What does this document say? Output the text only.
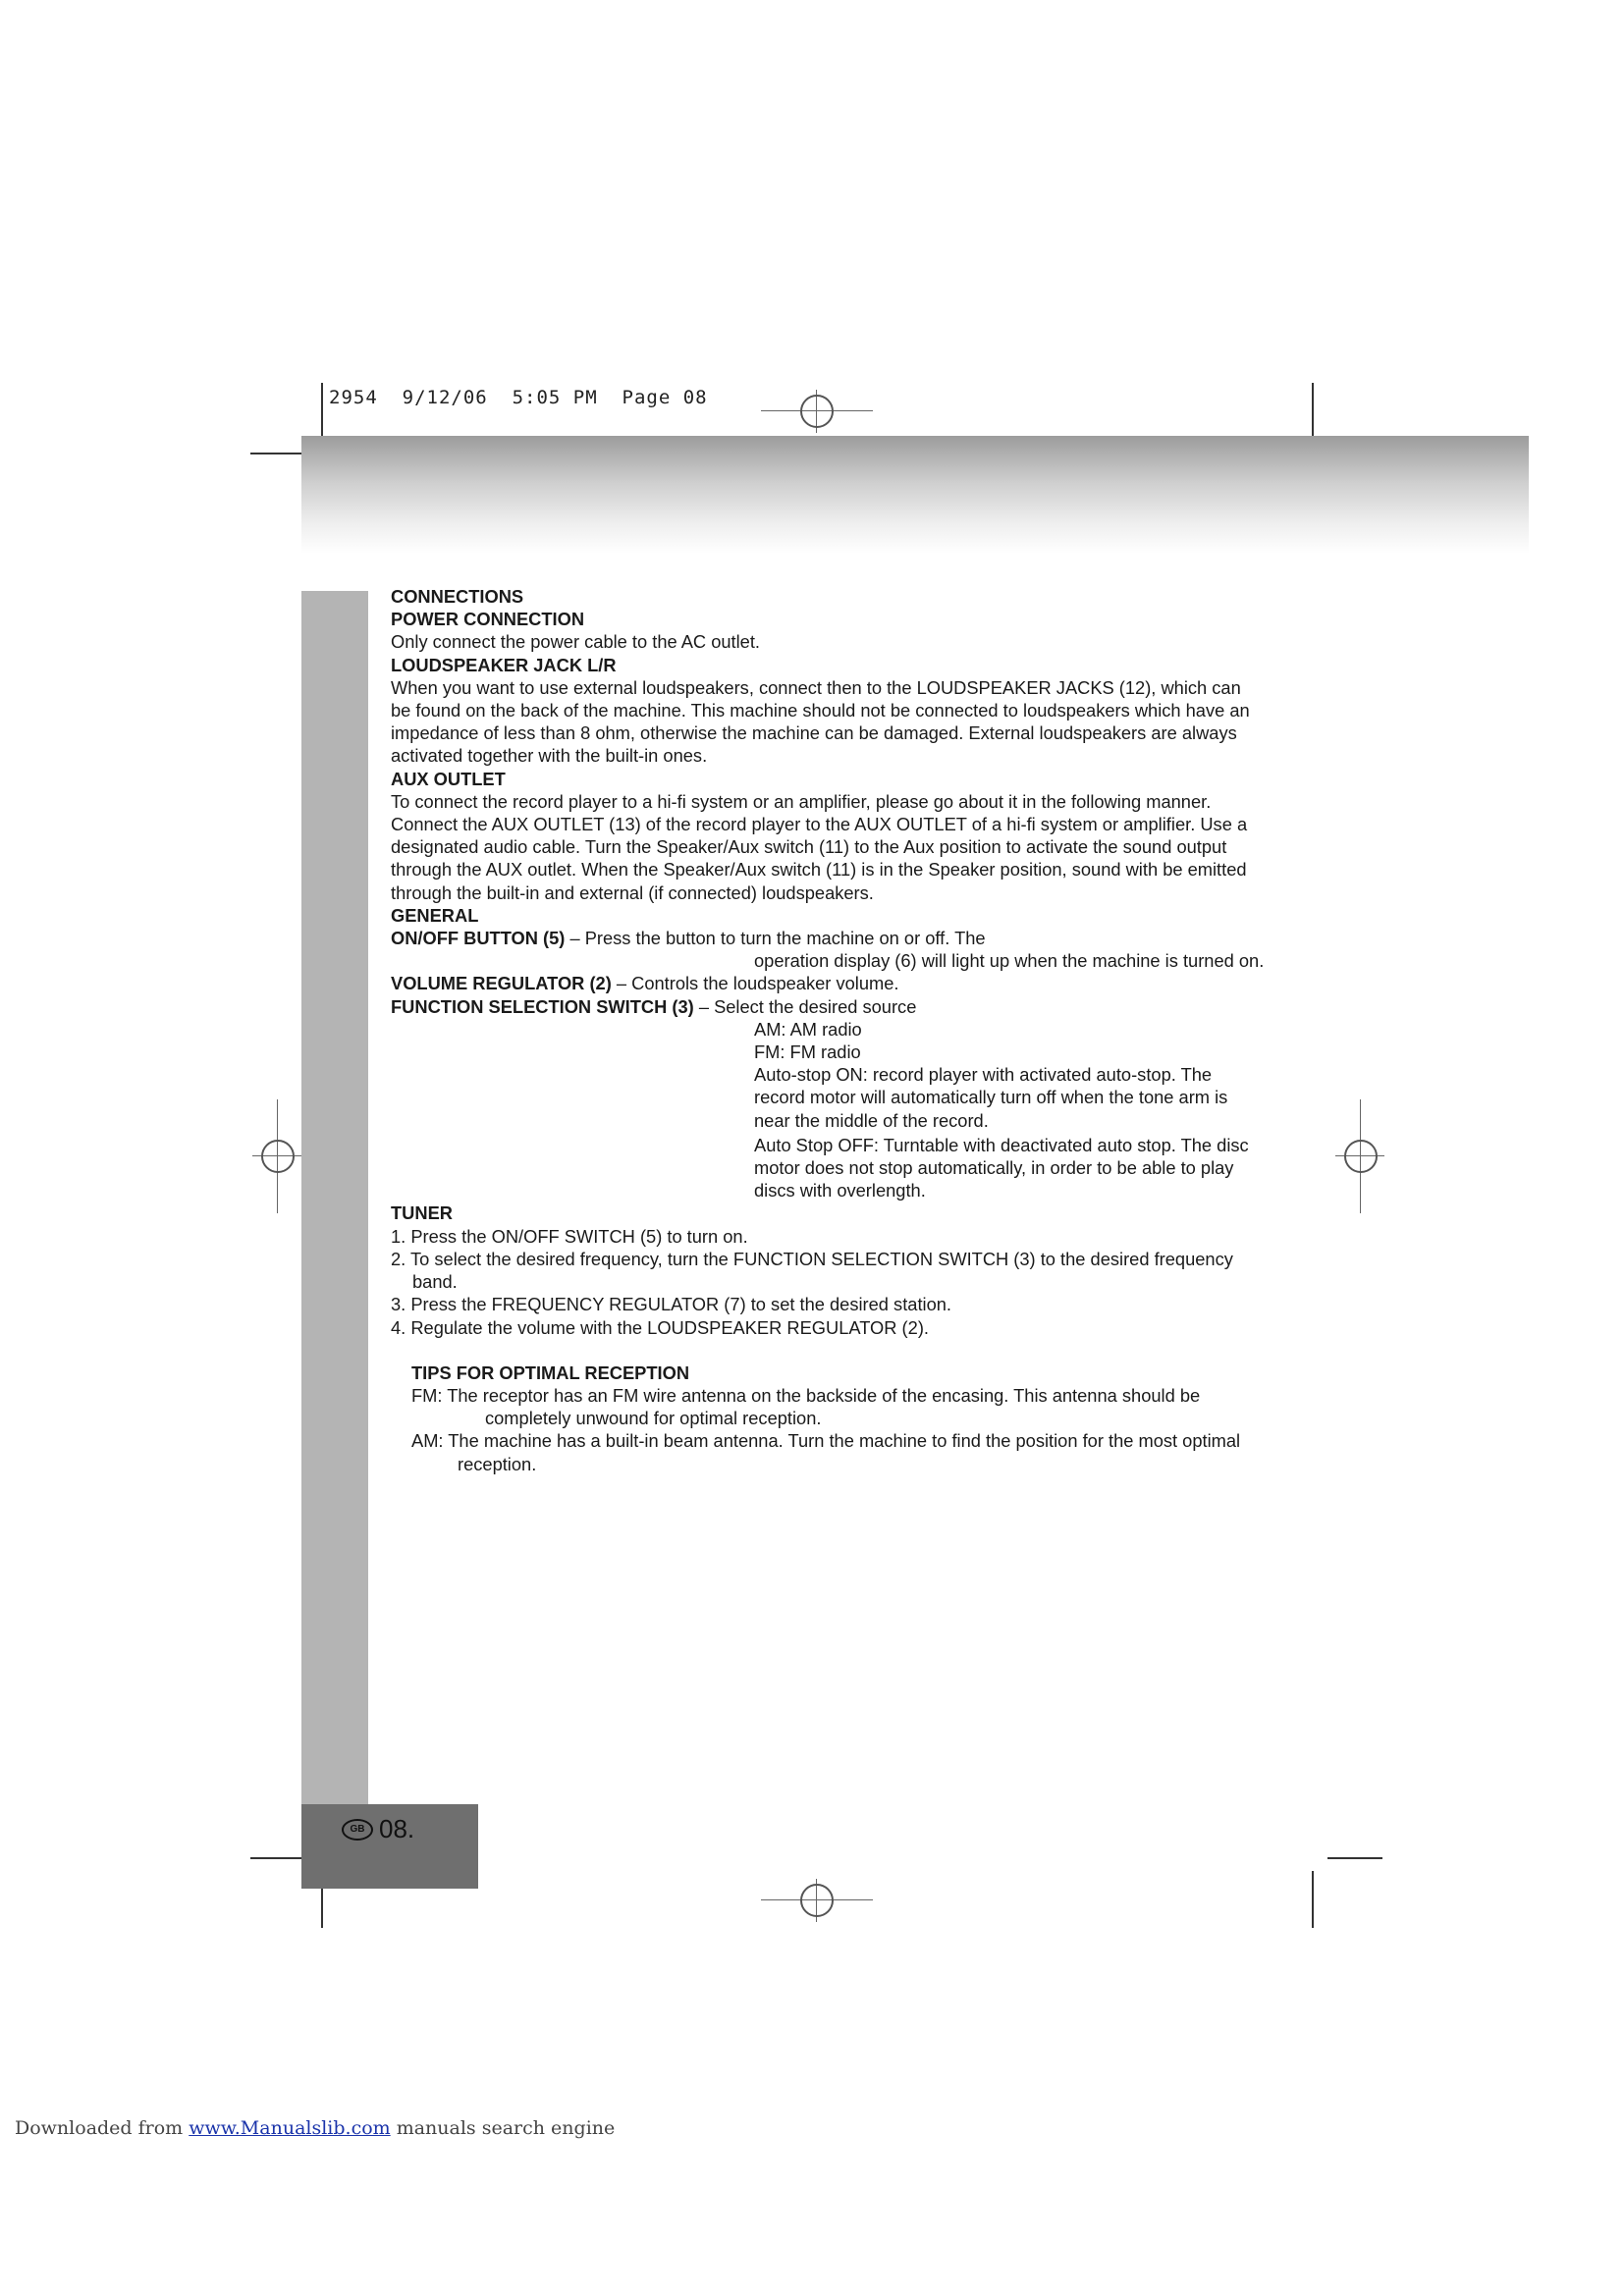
2954  9/12/06  5:05 PM  Page 08
GB 08.

CONNECTIONS

POWER CONNECTION

Only connect the power cable to the AC outlet.

LOUDSPEAKER JACK L/R

When you want to use external loudspeakers, connect then to the LOUDSPEAKER JACKS (12), which can be found on the back of the machine. This machine should not be connected to loudspeakers which have an impedance of less than 8 ohm, otherwise the machine can be damaged. External loudspeakers are always activated together with the built-in ones.

AUX OUTLET

To connect the record player to a hi-fi system or an amplifier, please go about it in the following manner. Connect the AUX OUTLET (13) of the record player to the AUX OUTLET of a hi-fi system or amplifier. Use a designated audio cable. Turn the Speaker/Aux switch (11) to the Aux position to activate the sound output through the AUX outlet. When the Speaker/Aux switch (11) is in the Speaker position, sound with be emitted through the built-in and external (if connected) loudspeakers.

GENERAL

ON/OFF BUTTON (5) – Press the button to turn the machine on or off. The

operation display (6) will light up when the machine is turned on.

VOLUME REGULATOR (2) – Controls the loudspeaker volume.

FUNCTION SELECTION SWITCH (3) – Select the desired source

AM: AM radio

FM: FM radio

Auto-stop ON: record player with activated auto-stop. The record motor will automatically turn off when the tone arm is near the middle of the record.

Auto Stop OFF: Turntable with deactivated auto stop. The disc motor does not stop automatically, in order to be able to play discs with overlength.

TUNER

1. Press the ON/OFF SWITCH (5) to turn on.
2. To select the desired frequency, turn the FUNCTION SELECTION SWITCH (3) to the desired frequency band.
3. Press the FREQUENCY REGULATOR (7) to set the desired station.
4. Regulate the volume with the LOUDSPEAKER REGULATOR (2).

TIPS FOR OPTIMAL RECEPTION

FM: The receptor has an FM wire antenna on the backside of the encasing. This antenna should be completely unwound for optimal reception.

AM: The machine has a built-in beam antenna. Turn the machine to find the position for the most optimal reception.

Downloaded from www.Manualslib.com manuals search engine
